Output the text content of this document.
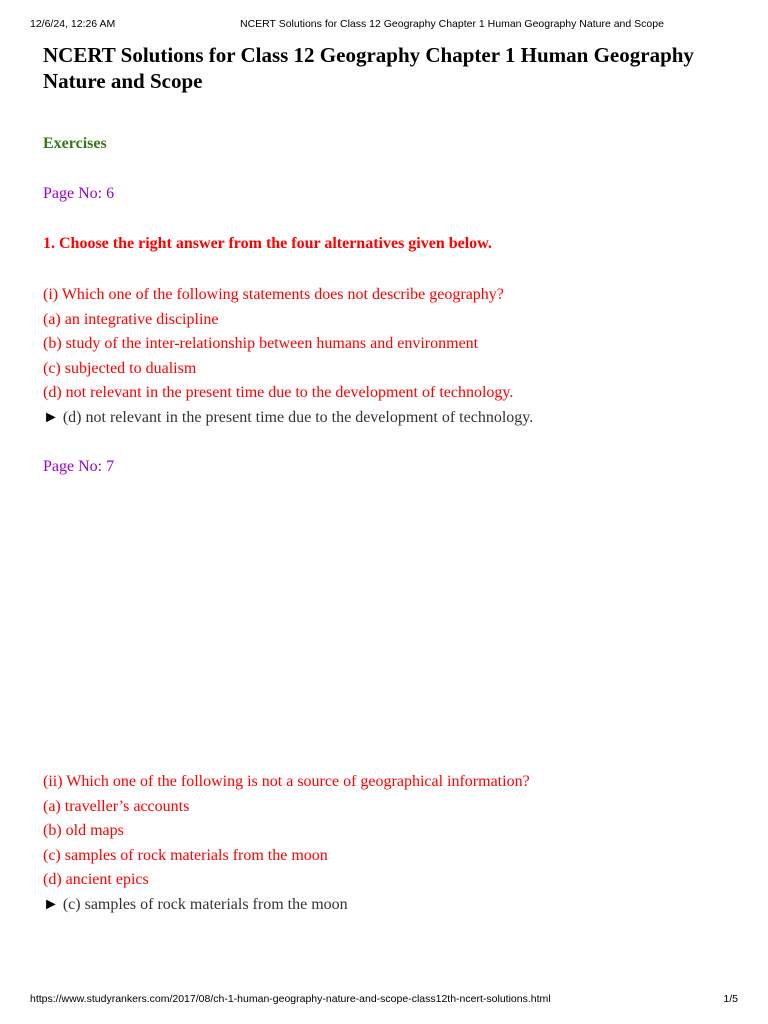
12/6/24, 12:26 AM	NCERT Solutions for Class 12 Geography Chapter 1 Human Geography Nature and Scope
NCERT Solutions for Class 12 Geography Chapter 1 Human Geography Nature and Scope
Exercises
Page No: 6
1. Choose the right answer from the four alternatives given below.
(i) Which one of the following statements does not describe geography?
(a) an integrative discipline
(b) study of the inter-relationship between humans and environment
(c) subjected to dualism
(d) not relevant in the present time due to the development of technology.
► (d) not relevant in the present time due to the development of technology.
Page No: 7
(ii) Which one of the following is not a source of geographical information?
(a) traveller’s accounts
(b) old maps
(c) samples of rock materials from the moon
(d) ancient epics
► (c) samples of rock materials from the moon
https://www.studyrankers.com/2017/08/ch-1-human-geography-nature-and-scope-class12th-ncert-solutions.html	1/5
